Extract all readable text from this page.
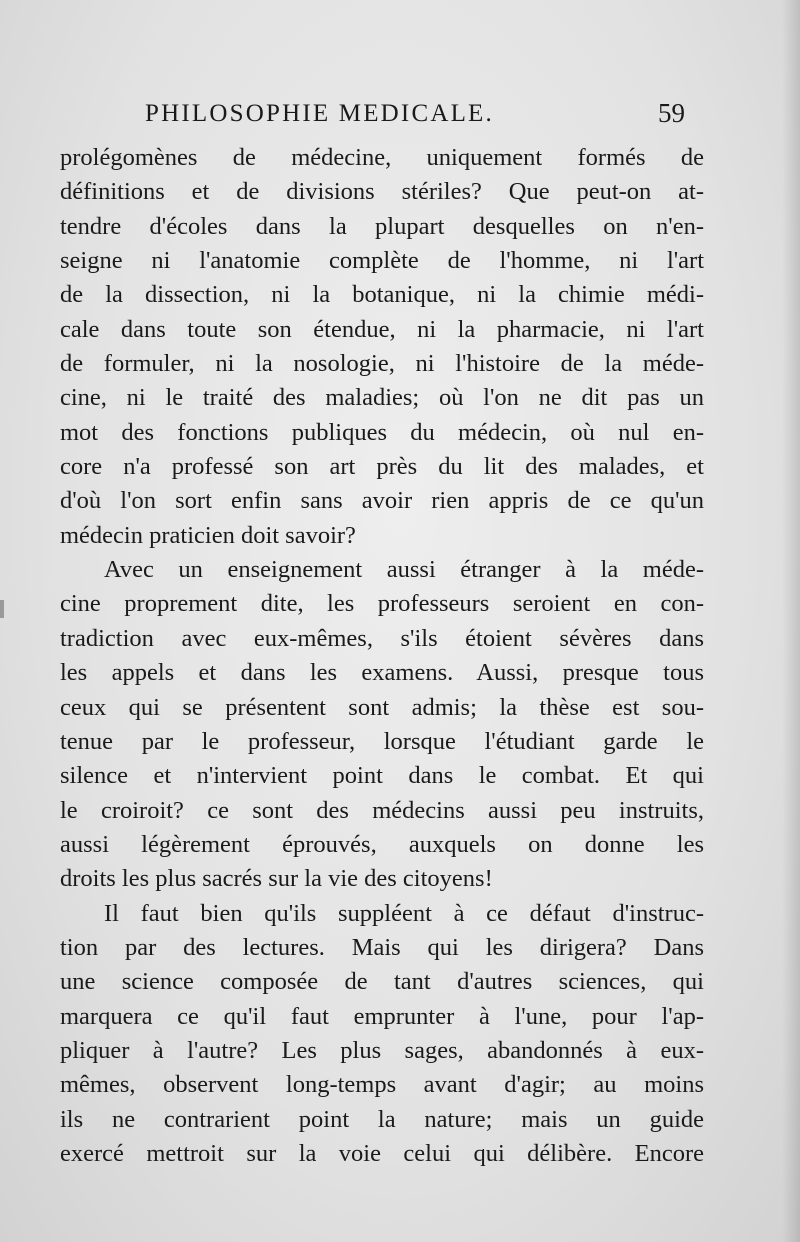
PHILOSOPHIE MEDICALE.	59
prolégomènes de médecine, uniquement formés de
définitions et de divisions stériles? Que peut-on at-
tendre d'écoles dans la plupart desquelles on n'en-
seigne ni l'anatomie complète de l'homme, ni l'art
de la dissection, ni la botanique, ni la chimie médi-
cale dans toute son étendue, ni la pharmacie, ni l'art
de formuler, ni la nosologie, ni l'histoire de la méde-
cine, ni le traité des maladies; où l'on ne dit pas un
mot des fonctions publiques du médecin, où nul en-
core n'a professé son art près du lit des malades, et
d'où l'on sort enfin sans avoir rien appris de ce qu'un
médecin praticien doit savoir?
Avec un enseignement aussi étranger à la méde-
cine proprement dite, les professeurs seroient en con-
tradiction avec eux-mêmes, s'ils étoient sévères dans
les appels et dans les examens. Aussi, presque tous
ceux qui se présentent sont admis; la thèse est sou-
tenue par le professeur, lorsque l'étudiant garde le
silence et n'intervient point dans le combat. Et qui
le croiroit? ce sont des médecins aussi peu instruits,
aussi légèrement éprouvés, auxquels on donne les
droits les plus sacrés sur la vie des citoyens!
Il faut bien qu'ils suppléent à ce défaut d'instruc-
tion par des lectures. Mais qui les dirigera? Dans
une science composée de tant d'autres sciences, qui
marquera ce qu'il faut emprunter à l'une, pour l'ap-
pliquer à l'autre? Les plus sages, abandonnés à eux-
mêmes, observent long-temps avant d'agir; au moins
ils ne contrarient point la nature; mais un guide
exercé mettroit sur la voie celui qui délibère. Encore
